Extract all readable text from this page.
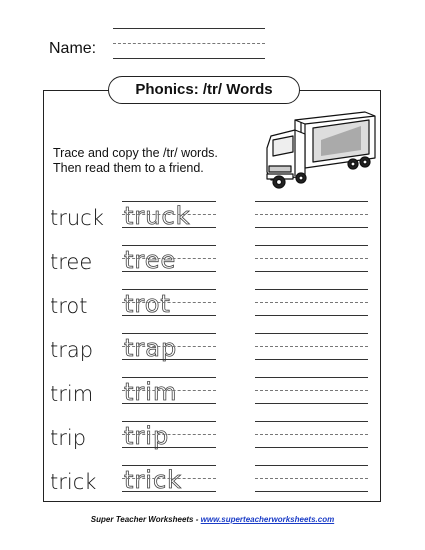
Name:
Phonics: /tr/ Words
Trace and copy the /tr/ words.
Then read them to a friend.
truck truck
tree tree
trot trot
trap trap
trim trim
trip trip
trick trick
Super Teacher Worksheets - www.superteacherworksheets.com
